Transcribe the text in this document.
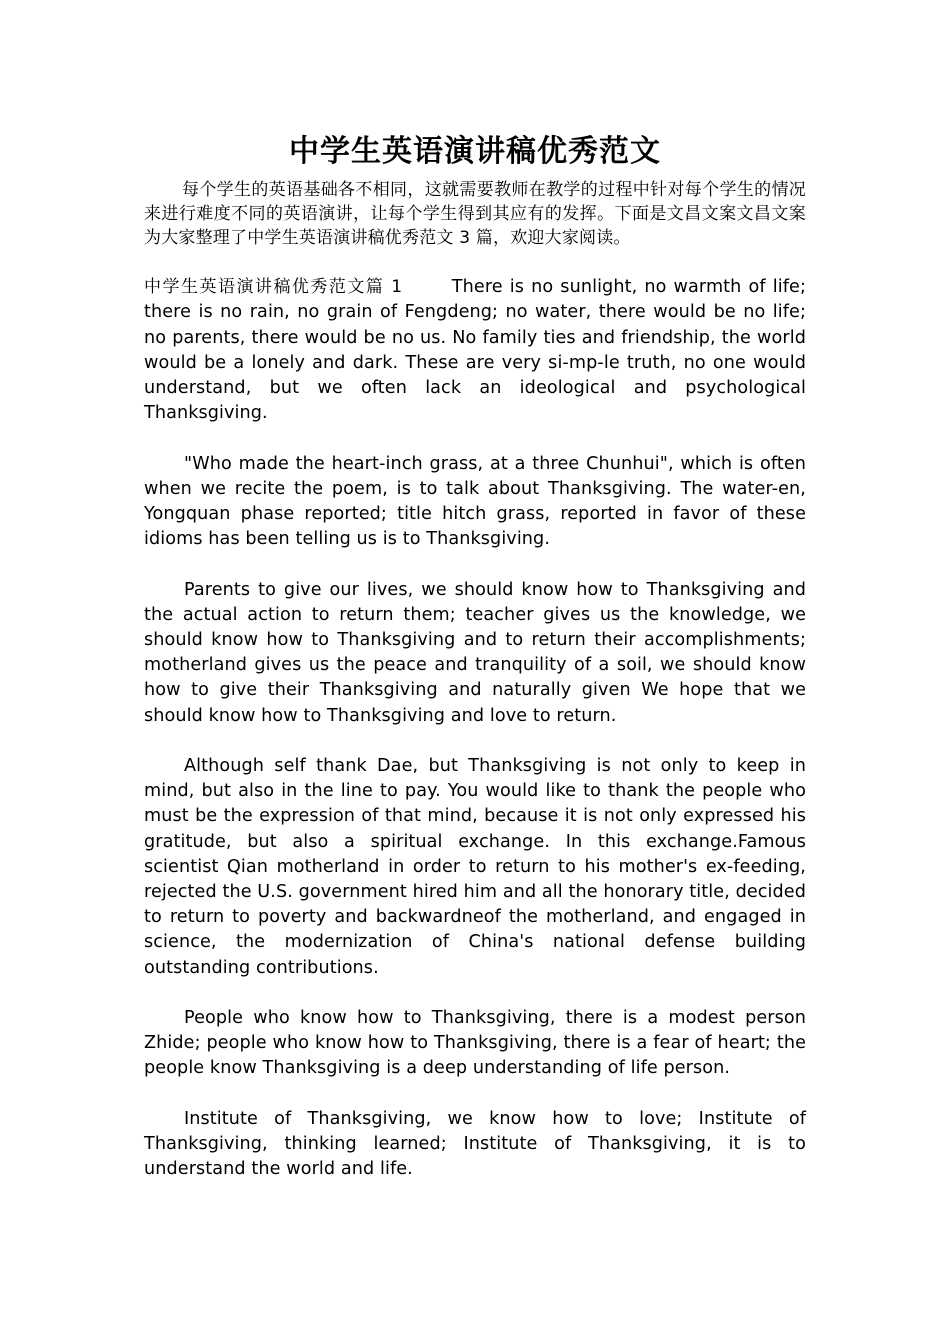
中学生英语演讲稿优秀范文

每个学生的英语基础各不相同，这就需要教师在教学的过程中针对每个学生的情况来进行难度不同的英语演讲，让每个学生得到其应有的发挥。下面是文昌文案文昌文案为大家整理了中学生英语演讲稿优秀范文 3 篇，欢迎大家阅读。

中学生英语演讲稿优秀范文篇 1	There is no sunlight, no warmth of life; there is no rain, no grain of Fengdeng; no water, there would be no life; no parents, there would be no us. No family ties and friendship, the world would be a lonely and dark. These are very si-mp-le truth, no one would understand, but we often lack an ideological and psychological Thanksgiving.

"Who made the heart-inch grass, at a three Chunhui", which is often when we recite the poem, is to talk about Thanksgiving. The water-en, Yongquan phase reported; title hitch grass, reported in favor of these idioms has been telling us is to Thanksgiving.

Parents to give our lives, we should know how to Thanksgiving and the actual action to return them; teacher gives us the knowledge, we should know how to Thanksgiving and to return their accomplishments; motherland gives us the peace and tranquility of a soil, we should know how to give their Thanksgiving and naturally given We hope that we should know how to Thanksgiving and love to return.

Although self thank Dae, but Thanksgiving is not only to keep in mind, but also in the line to pay. You would like to thank the people who must be the expression of that mind, because it is not only expressed his gratitude, but also a spiritual exchange. In this exchange.Famous scientist Qian motherland in order to return to his mother's ex-feeding, rejected the U.S. government hired him and all the honorary title, decided to return to poverty and backwardneof the motherland, and engaged in science, the modernization of China's national defense building outstanding contributions.

People who know how to Thanksgiving, there is a modest person Zhide; people who know how to Thanksgiving, there is a fear of heart; the people know Thanksgiving is a deep understanding of life person.

Institute of Thanksgiving, we know how to love; Institute of Thanksgiving, thinking learned; Institute of Thanksgiving, it is to understand the world and life.
